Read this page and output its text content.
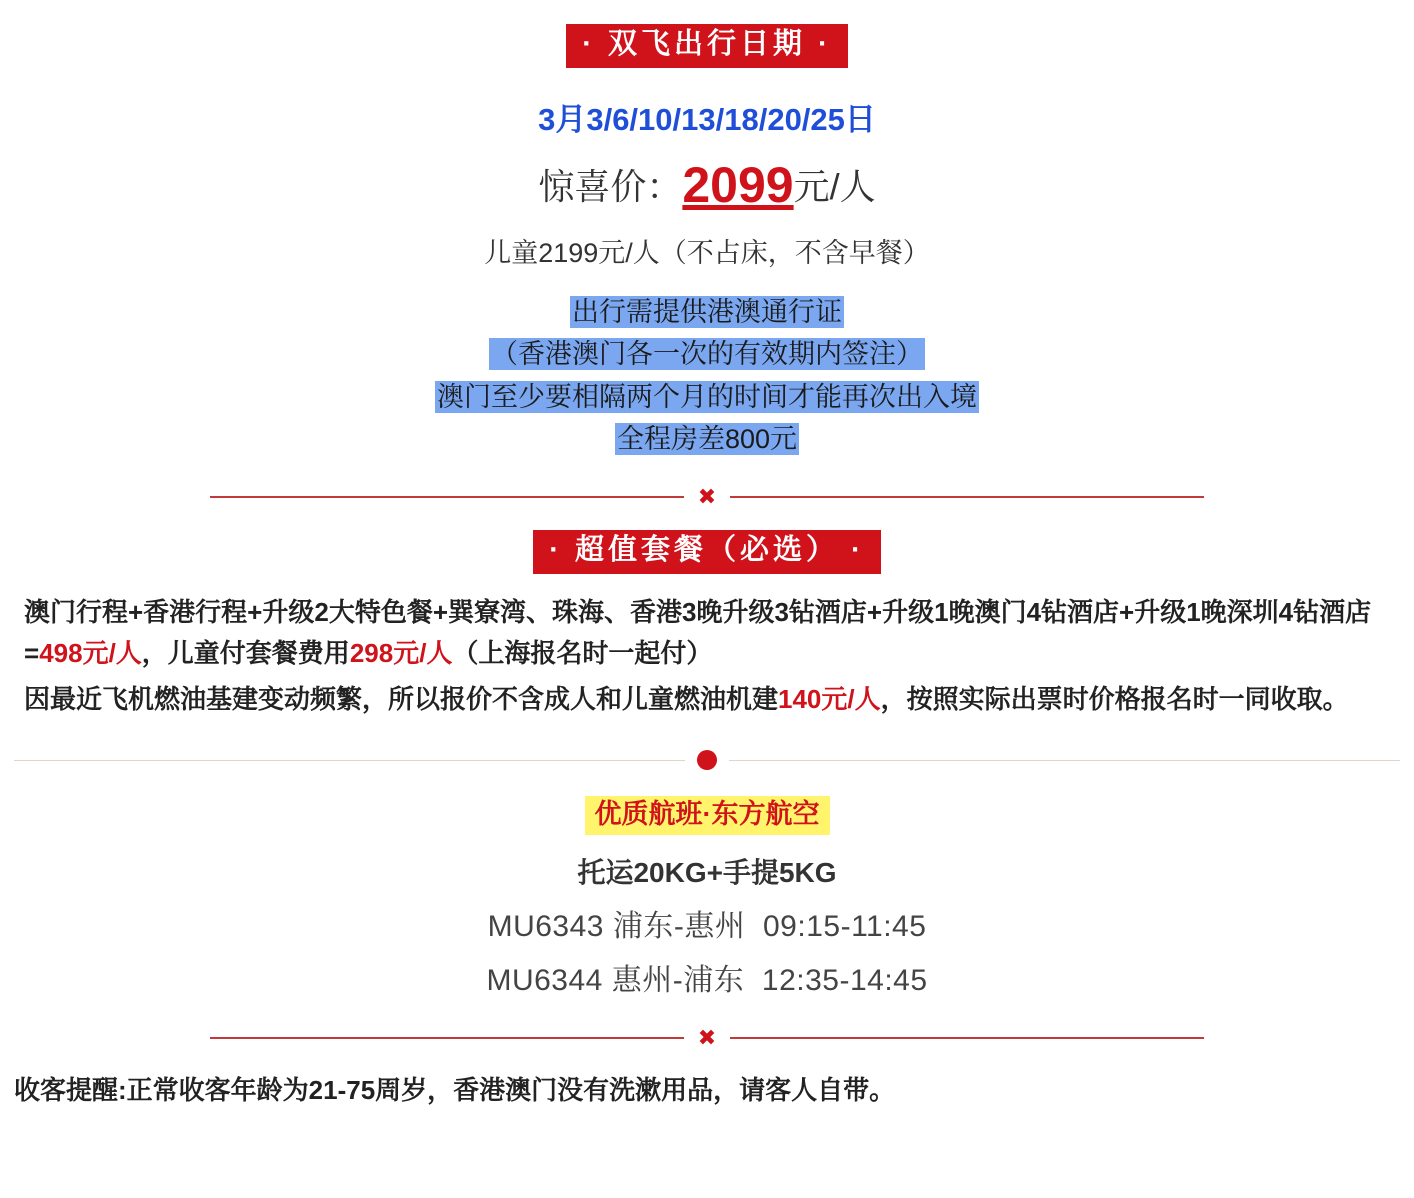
· 双飞出行日期 ·
3月3/6/10/13/18/20/25日
惊喜价：2099元/人
儿童2199元/人（不占床，不含早餐）
出行需提供港澳通行证
（香港澳门各一次的有效期内签注）
澳门至少要相隔两个月的时间才能再次出入境
全程房差800元
✖
· 超值套餐（必选） ·

澳门行程+香港行程+升级2大特色餐+巽寮湾、珠海、香港3晚升级3钻酒店+升级1晚澳门4钻酒店+升级1晚深圳4钻酒店=498元/人，儿童付套餐费用298元/人（上海报名时一起付）

因最近飞机燃油基建变动频繁，所以报价不含成人和儿童燃油机建140元/人，按照实际出票时价格报名时一同收取。

优质航班·东方航空
托运20KG+手提5KG
MU6343 浦东-惠州 09:15-11:45
MU6344 惠州-浦东 12:35-14:45
✖
收客提醒:正常收客年龄为21-75周岁，香港澳门没有洗漱用品，请客人自带。
